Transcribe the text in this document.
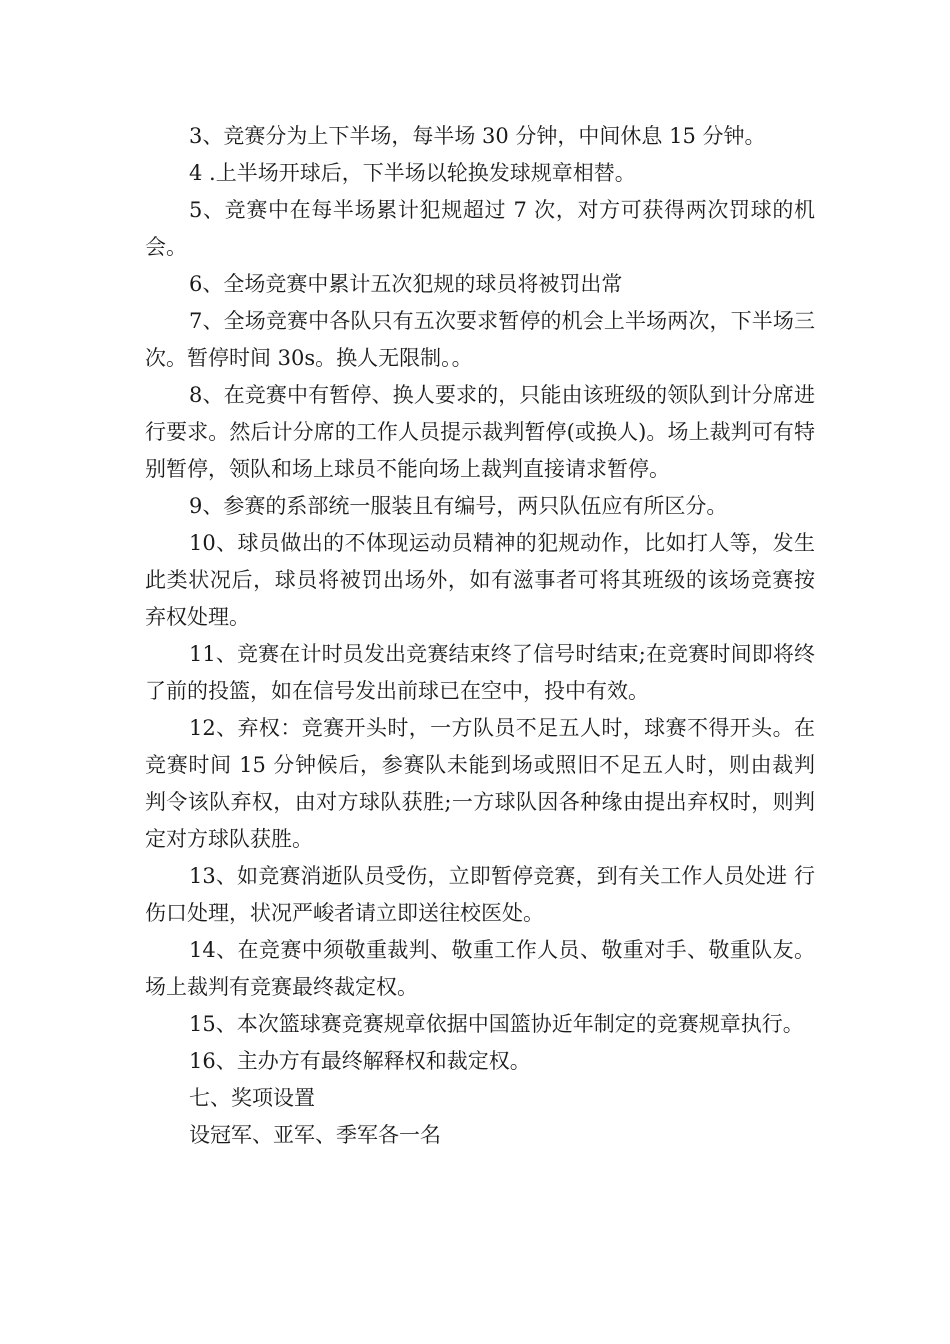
3、竞赛分为上下半场，每半场 30 分钟，中间休息 15 分钟。

4 .上半场开球后，下半场以轮换发球规章相替。

5、竞赛中在每半场累计犯规超过 7 次，对方可获得两次罚球的机会。

6、全场竞赛中累计五次犯规的球员将被罚出常

7、全场竞赛中各队只有五次要求暂停的机会上半场两次，下半场三次。暂停时间 30s。换人无限制。。

8、在竞赛中有暂停、换人要求的，只能由该班级的领队到计分席进行要求。然后计分席的工作人员提示裁判暂停(或换人)。场上裁判可有特别暂停，领队和场上球员不能向场上裁判直接请求暂停。

9、参赛的系部统一服装且有编号，两只队伍应有所区分。

10、球员做出的不体现运动员精神的犯规动作，比如打人等，发生此类状况后，球员将被罚出场外，如有滋事者可将其班级的该场竞赛按弃权处理。

11、竞赛在计时员发出竞赛结束终了信号时结束;在竞赛时间即将终了前的投篮，如在信号发出前球已在空中，投中有效。

12、弃权：竞赛开头时，一方队员不足五人时，球赛不得开头。在竞赛时间 15 分钟候后，参赛队未能到场或照旧不足五人时，则由裁判判令该队弃权，由对方球队获胜;一方球队因各种缘由提出弃权时，则判定对方球队获胜。

13、如竞赛消逝队员受伤，立即暂停竞赛，到有关工作人员处进 行伤口处理，状况严峻者请立即送往校医处。

14、在竞赛中须敬重裁判、敬重工作人员、敬重对手、敬重队友。场上裁判有竞赛最终裁定权。

15、本次篮球赛竞赛规章依据中国篮协近年制定的竞赛规章执行。

16、主办方有最终解释权和裁定权。

七、奖项设置

设冠军、亚军、季军各一名
